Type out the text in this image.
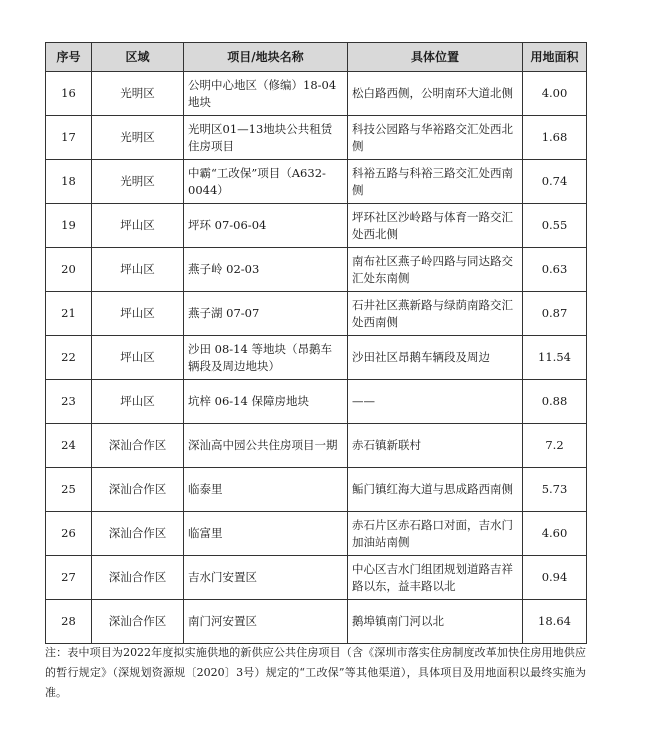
序号	区域	项目/地块名称	具体位置	用地面积
16	光明区	公明中心地区（修编）18-04地块	松白路西侧，公明南环大道北侧	4.00
17	光明区	光明区01—13地块公共租赁住房项目	科技公园路与华裕路交汇处西北侧	1.68
18	光明区	中霸“工改保”项目（A632-0044）	科裕五路与科裕三路交汇处西南侧	0.74
19	坪山区	坪环 07-06-04	坪环社区沙岭路与体育一路交汇处西北侧	0.55
20	坪山区	燕子岭 02-03	南布社区燕子岭四路与同达路交汇处东南侧	0.63
21	坪山区	燕子湖 07-07	石井社区燕新路与绿荫南路交汇处西南侧	0.87
22	坪山区	沙田 08-14 等地块（昂鹅车辆段及周边地块）	沙田社区昂鹅车辆段及周边	11.54
23	坪山区	坑梓 06-14 保障房地块	——	0.88
24	深汕合作区	深汕高中园公共住房项目一期	赤石镇新联村	7.2
25	深汕合作区	临泰里	鲘门镇红海大道与思成路西南侧	5.73
26	深汕合作区	临富里	赤石片区赤石路口对面，吉水门加油站南侧	4.60
27	深汕合作区	吉水门安置区	中心区吉水门组团规划道路吉祥路以东，益丰路以北	0.94
28	深汕合作区	南门河安置区	鹅埠镇南门河以北	18.64

注：表中项目为2022年度拟实施供地的新供应公共住房项目（含《深圳市落实住房制度改革加快住房用地供应的暂行规定》（深规划资源规〔2020〕3号）规定的“工改保”等其他渠道），具体项目及用地面积以最终实施为准。
